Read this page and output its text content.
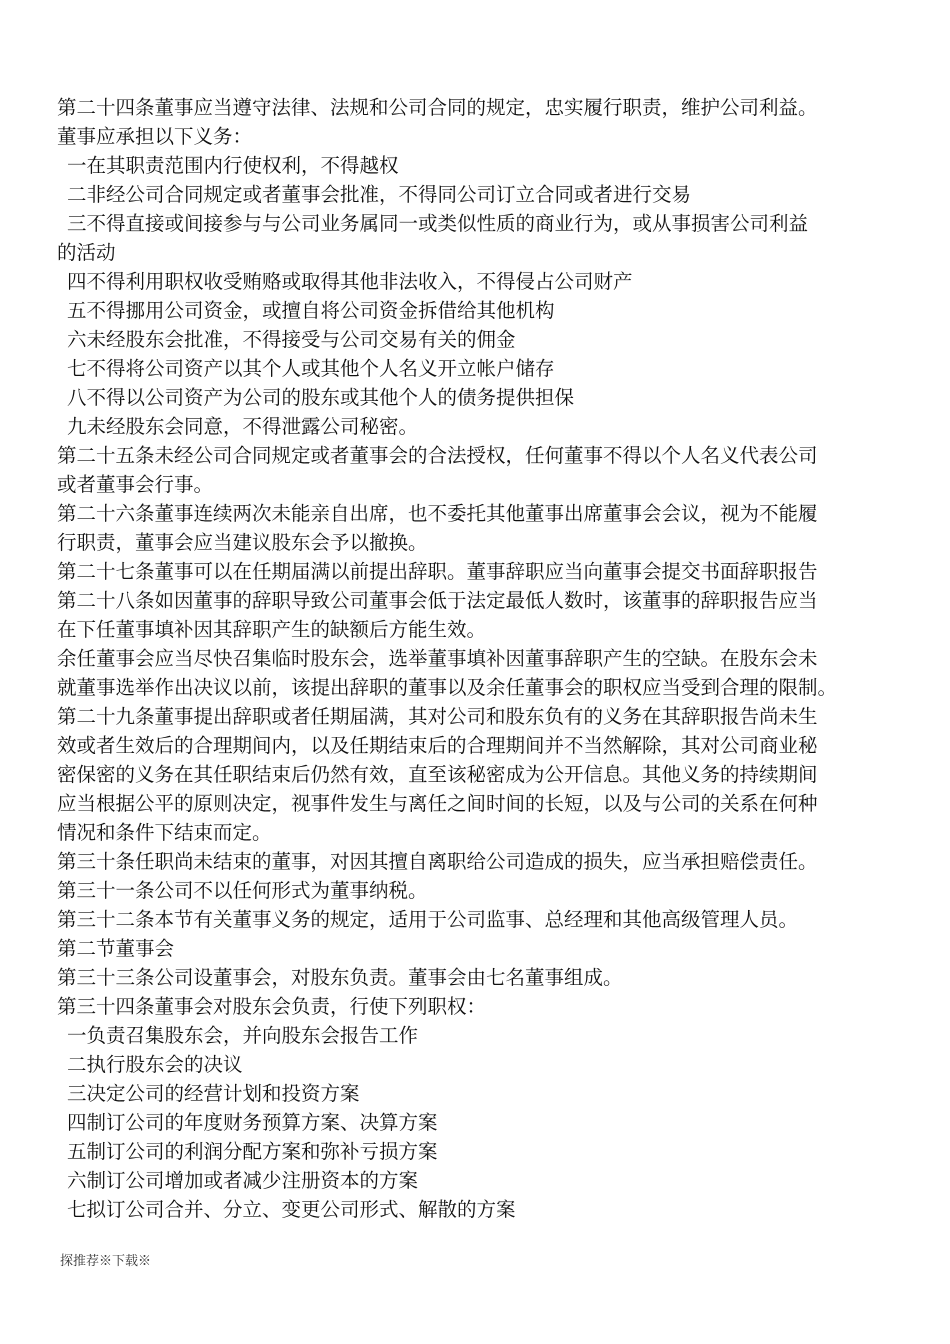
第二十四条董事应当遵守法律、法规和公司合同的规定，忠实履行职责，维护公司利益。
董事应承担以下义务：
一在其职责范围内行使权利，不得越权
二非经公司合同规定或者董事会批准，不得同公司订立合同或者进行交易
三不得直接或间接参与与公司业务属同一或类似性质的商业行为，或从事损害公司利益
的活动
四不得利用职权收受贿赂或取得其他非法收入，不得侵占公司财产
五不得挪用公司资金，或擅自将公司资金拆借给其他机构
六未经股东会批准，不得接受与公司交易有关的佣金
七不得将公司资产以其个人或其他个人名义开立帐户储存
八不得以公司资产为公司的股东或其他个人的债务提供担保
九未经股东会同意，不得泄露公司秘密。
第二十五条未经公司合同规定或者董事会的合法授权，任何董事不得以个人名义代表公司
或者董事会行事。
第二十六条董事连续两次未能亲自出席，也不委托其他董事出席董事会会议，视为不能履
行职责，董事会应当建议股东会予以撤换。
第二十七条董事可以在任期届满以前提出辞职。董事辞职应当向董事会提交书面辞职报告
第二十八条如因董事的辞职导致公司董事会低于法定最低人数时，该董事的辞职报告应当
在下任董事填补因其辞职产生的缺额后方能生效。
余任董事会应当尽快召集临时股东会，选举董事填补因董事辞职产生的空缺。在股东会未
就董事选举作出决议以前，该提出辞职的董事以及余任董事会的职权应当受到合理的限制。
第二十九条董事提出辞职或者任期届满，其对公司和股东负有的义务在其辞职报告尚未生
效或者生效后的合理期间内，以及任期结束后的合理期间并不当然解除，其对公司商业秘
密保密的义务在其任职结束后仍然有效，直至该秘密成为公开信息。其他义务的持续期间
应当根据公平的原则决定，视事件发生与离任之间时间的长短，以及与公司的关系在何种
情况和条件下结束而定。
第三十条任职尚未结束的董事，对因其擅自离职给公司造成的损失，应当承担赔偿责任。
第三十一条公司不以任何形式为董事纳税。
第三十二条本节有关董事义务的规定，适用于公司监事、总经理和其他高级管理人员。
第二节董事会
第三十三条公司设董事会，对股东负责。董事会由七名董事组成。
第三十四条董事会对股东会负责，行使下列职权：
一负责召集股东会，并向股东会报告工作
二执行股东会的决议
三决定公司的经营计划和投资方案
四制订公司的年度财务预算方案、决算方案
五制订公司的利润分配方案和弥补亏损方案
六制订公司增加或者减少注册资本的方案
七拟订公司合并、分立、变更公司形式、解散的方案
探推荐※下载※
